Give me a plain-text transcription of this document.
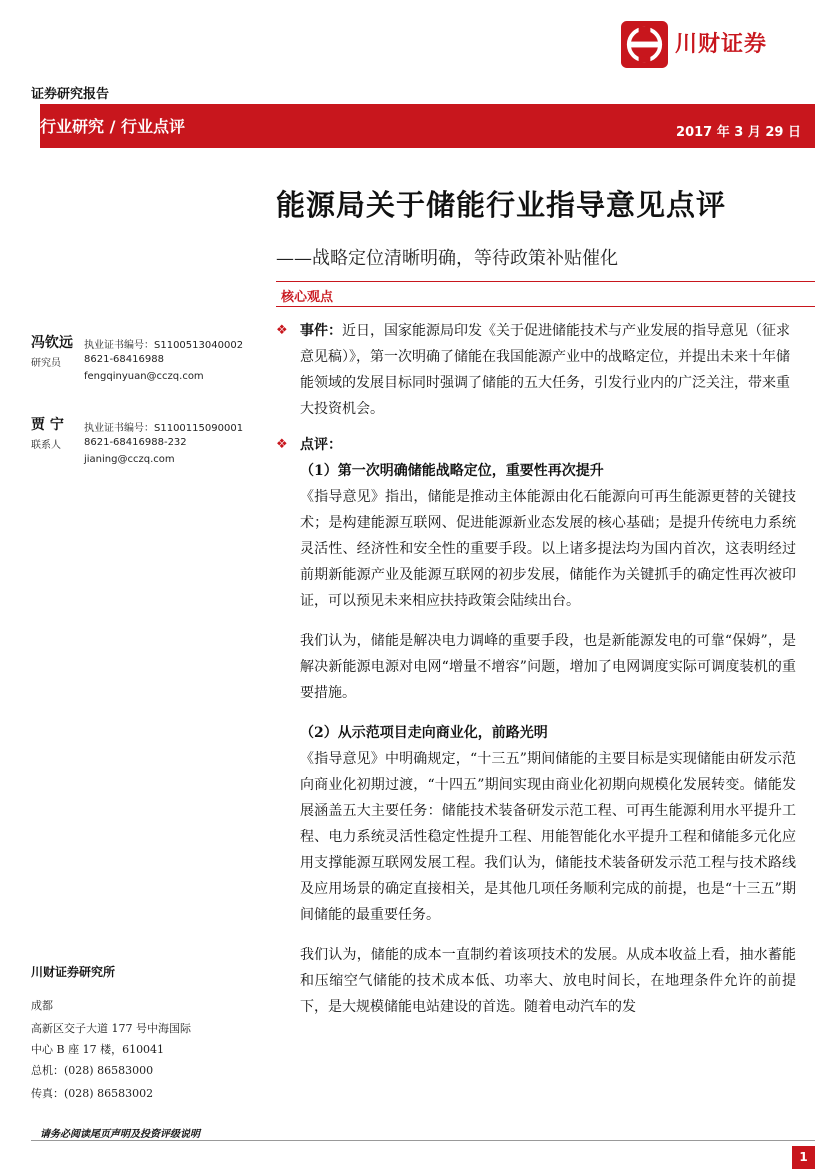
川财证券
证券研究报告
行业研究 / 行业点评	2017 年 3 月 29 日
能源局关于储能行业指导意见点评
——战略定位清晰明确，等待政策补贴催化
核心观点
冯钦远
研究员
执业证书编号：S1100513040002
8621-68416988
fengqinyuan@cczq.com
贾 宁
联系人
执业证书编号：S1100115090001
8621-68416988-232
jianing@cczq.com
川财证券研究所
成都
高新区交子大道 177 号中海国际
中心 B 座 17 楼，610041
总机：(028) 86583000
传真：(028) 86583002

❖ 事件：近日，国家能源局印发《关于促进储能技术与产业发展的指导意见（征求意见稿）》，第一次明确了储能在我国能源产业中的战略定位，并提出未来十年储能领域的发展目标同时强调了储能的五大任务，引发行业内的广泛关注，带来重大投资机会。

❖ 点评：

（1）第一次明确储能战略定位，重要性再次提升

《指导意见》指出，储能是推动主体能源由化石能源向可再生能源更替的关键技术；是构建能源互联网、促进能源新业态发展的核心基础；是提升传统电力系统灵活性、经济性和安全性的重要手段。以上诸多提法均为国内首次，这表明经过前期新能源产业及能源互联网的初步发展，储能作为关键抓手的确定性再次被印证，可以预见未来相应扶持政策会陆续出台。

我们认为，储能是解决电力调峰的重要手段，也是新能源发电的可靠“保姆”，是解决新能源电源对电网“增量不增容”问题，增加了电网调度实际可调度装机的重要措施。

（2）从示范项目走向商业化，前路光明

《指导意见》中明确规定，“十三五”期间储能的主要目标是实现储能由研发示范向商业化初期过渡，“十四五”期间实现由商业化初期向规模化发展转变。储能发展涵盖五大主要任务：储能技术装备研发示范工程、可再生能源利用水平提升工程、电力系统灵活性稳定性提升工程、用能智能化水平提升工程和储能多元化应用支撑能源互联网发展工程。我们认为，储能技术装备研发示范工程与技术路线及应用场景的确定直接相关，是其他几项任务顺利完成的前提，也是“十三五”期间储能的最重要任务。

我们认为，储能的成本一直制约着该项技术的发展。从成本收益上看，抽水蓄能和压缩空气储能的技术成本低、功率大、放电时间长，在地理条件允许的前提下，是大规模储能电站建设的首选。随着电动汽车的发

请务必阅读尾页声明及投资评级说明
1
